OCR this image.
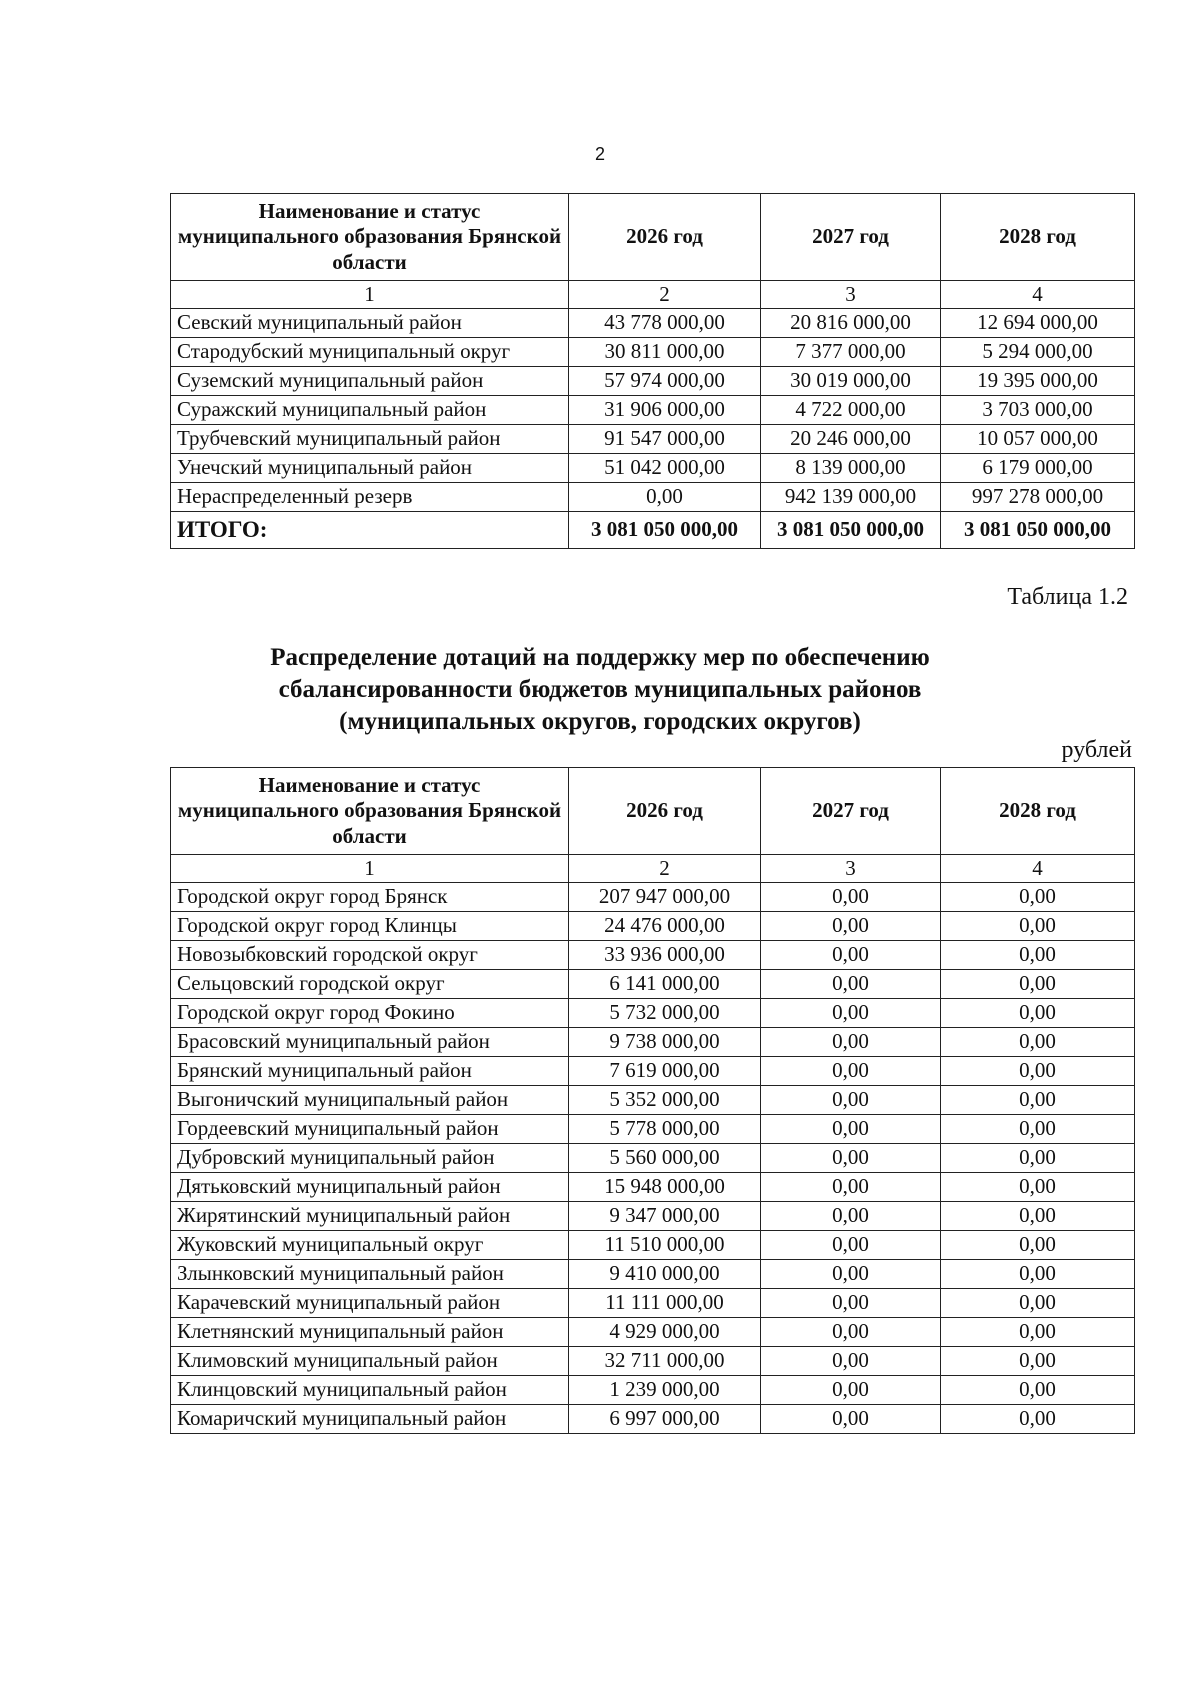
2
Наименование и статус муниципального образования Брянской области	2026 год	2027 год	2028 год
1	2	3	4
Севский муниципальный район	43 778 000,00	20 816 000,00	12 694 000,00
Стародубский муниципальный округ	30 811 000,00	7 377 000,00	5 294 000,00
Суземский муниципальный район	57 974 000,00	30 019 000,00	19 395 000,00
Суражский муниципальный район	31 906 000,00	4 722 000,00	3 703 000,00
Трубчевский муниципальный район	91 547 000,00	20 246 000,00	10 057 000,00
Унечский муниципальный район	51 042 000,00	8 139 000,00	6 179 000,00
Нераспределенный резерв	0,00	942 139 000,00	997 278 000,00
ИТОГО:	3 081 050 000,00	3 081 050 000,00	3 081 050 000,00
Таблица 1.2
Распределение дотаций на поддержку мер по обеспечению
сбалансированности бюджетов муниципальных районов
(муниципальных округов, городских округов)
рублей
Наименование и статус муниципального образования Брянской области	2026 год	2027 год	2028 год
1	2	3	4
Городской округ город Брянск	207 947 000,00	0,00	0,00
Городской округ город Клинцы	24 476 000,00	0,00	0,00
Новозыбковский городской округ	33 936 000,00	0,00	0,00
Сельцовский городской округ	6 141 000,00	0,00	0,00
Городской округ город Фокино	5 732 000,00	0,00	0,00
Брасовский муниципальный район	9 738 000,00	0,00	0,00
Брянский муниципальный район	7 619 000,00	0,00	0,00
Выгоничский муниципальный район	5 352 000,00	0,00	0,00
Гордеевский муниципальный район	5 778 000,00	0,00	0,00
Дубровский муниципальный район	5 560 000,00	0,00	0,00
Дятьковский муниципальный район	15 948 000,00	0,00	0,00
Жирятинский муниципальный район	9 347 000,00	0,00	0,00
Жуковский муниципальный округ	11 510 000,00	0,00	0,00
Злынковский муниципальный район	9 410 000,00	0,00	0,00
Карачевский муниципальный район	11 111 000,00	0,00	0,00
Клетнянский муниципальный район	4 929 000,00	0,00	0,00
Климовский муниципальный район	32 711 000,00	0,00	0,00
Клинцовский муниципальный район	1 239 000,00	0,00	0,00
Комаричский муниципальный район	6 997 000,00	0,00	0,00
